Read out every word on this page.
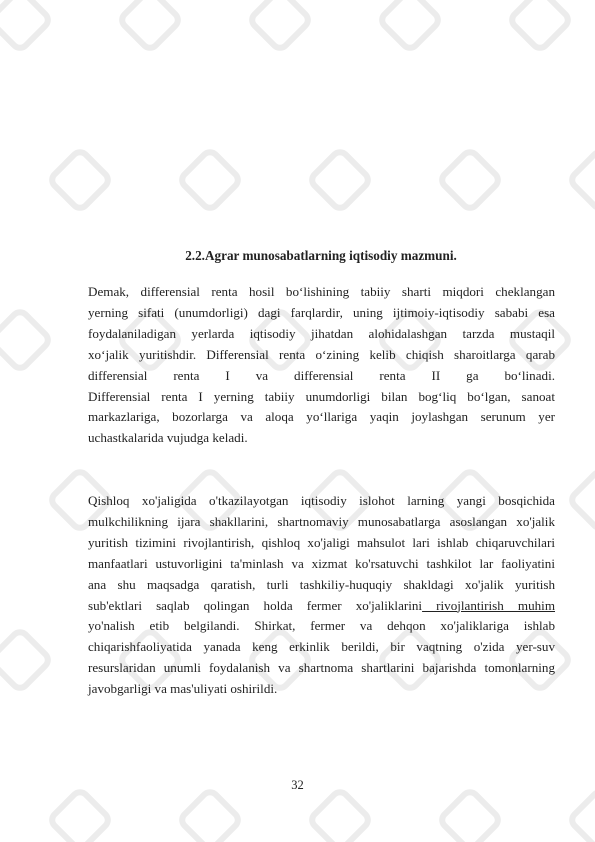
2.2.Agrar munosabatlarning iqtisodiy mazmuni.

Demak, differensial renta hosil bo‘lishining tabiiy sharti miqdori cheklangan
yerning sifati (unumdorligi) dagi farqlardir, uning ijtimoiy-iqtisodiy sababi esa
foydalaniladigan yerlarda iqtisodiy jihatdan alohidalashgan tarzda mustaqil
xo‘jalik yuritishdir. Differensial renta o‘zining kelib chiqish sharoitlarga qarab
differensial renta I va differensial renta II ga bo‘linadi.
Differensial renta I yerning tabiiy unumdorligi bilan bog‘liq bo‘lgan, sanoat
markazlariga, bozorlarga va aloqa yo‘llariga yaqin joylashgan serunum yer
uchastkalarida vujudga keladi.
Qishloq xo'jaligida o'tkazilayotgan iqtisodiy islohot larning yangi bosqichida
mulkchilikning ijara shakllarini, shartnomaviy munosabatlarga asoslangan xo'jalik
yuritish tizimini rivojlantirish, qishloq xo'jaligi mahsulot lari ishlab chiqaruvchilari
manfaatlari ustuvorligini ta'minlash va xizmat ko'rsatuvchi tashkilot lar faoliyatini
ana shu maqsadga qaratish, turli tashkiliy-huquqiy shakldagi xo'jalik yuritish
sub'ektlari saqlab qolingan holda fermer xo'jaliklarini rivojlantirish muhim
yo'nalish etib belgilandi. Shirkat, fermer va dehqon xo'jaliklariga ishlab
chiqarishfaoliyatida yanada keng erkinlik berildi, bir vaqtning o'zida yer-suv
resurslaridan unumli foydalanish va shartnoma shartlarini bajarishda tomonlarning
javobgarligi va mas'uliyati oshirildi.

32
